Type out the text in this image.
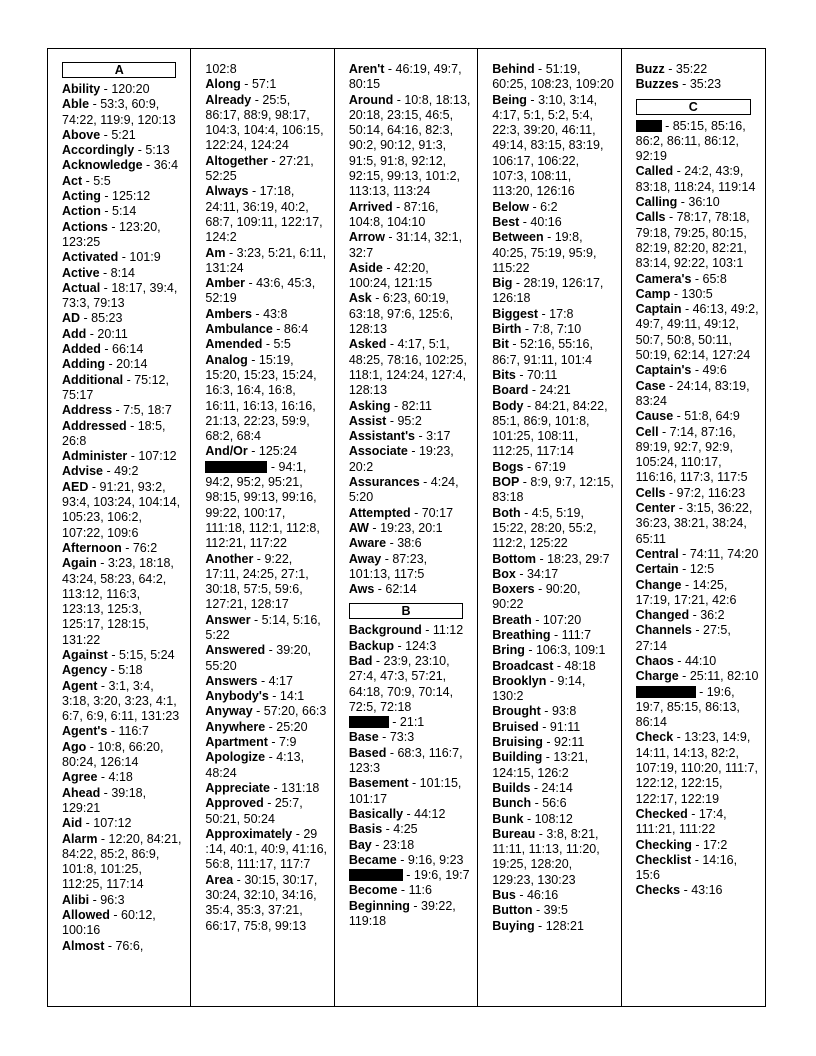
A
Ability - 120:20
Able - 53:3, 60:9, 74:22, 119:9, 120:13
Above - 5:21
Accordingly - 5:13
Acknowledge - 36:4
Act - 5:5
Acting - 125:12
Action - 5:14
Actions - 123:20, 123:25
Activated - 101:9
Active - 8:14
Actual - 18:17, 39:4, 73:3, 79:13
AD - 85:23
Add - 20:11
Added - 66:14
Adding - 20:14
Additional - 75:12, 75:17
Address - 7:5, 18:7
Addressed - 18:5, 26:8
Administer - 107:12
Advise - 49:2
AED - 91:21, 93:2, 93:4, 103:24, 104:14, 105:23, 106:2, 107:22, 109:6
Afternoon - 76:2
Again - 3:23, 18:18, 43:24, 58:23, 64:2, 113:12, 116:3, 123:13, 125:3, 125:17, 128:15, 131:22
Against - 5:15, 5:24
Agency - 5:18
Agent - 3:1, 3:4, 3:18, 3:20, 3:23, 4:1, 6:7, 6:9, 6:11, 131:23
Agent's - 116:7
Ago - 10:8, 66:20, 80:24, 126:14
Agree - 4:18
Ahead - 39:18, 129:21
Aid - 107:12
Alarm - 12:20, 84:21, 84:22, 85:2, 86:9, 101:8, 101:25, 112:25, 117:14
Alibi - 96:3
Allowed - 60:12, 100:16
Almost - 76:6,
102:8
Along - 57:1
Already - 25:5, 86:17, 88:9, 98:17, 104:3, 104:4, 106:15, 122:24, 124:24
Altogether - 27:21, 52:25
Always - 17:18, 24:11, 36:19, 40:2, 68:7, 109:11, 122:17, 124:2
Am - 3:23, 5:21, 6:11, 131:24
Amber - 43:6, 45:3, 52:19
Ambers - 43:8
Ambulance - 86:4
Amended - 5:5
Analog - 15:19, 15:20, 15:23, 15:24, 16:3, 16:4, 16:8, 16:11, 16:13, 16:16, 21:13, 22:23, 59:9, 68:2, 68:4
And/Or - 125:24
- 94:1, 94:2, 95:2, 95:21, 98:15, 99:13, 99:16, 99:22, 100:17, 111:18, 112:1, 112:8, 112:21, 117:22
Another - 9:22, 17:11, 24:25, 27:1, 30:18, 57:5, 59:6, 127:21, 128:17
Answer - 5:14, 5:16, 5:22
Answered - 39:20, 55:20
Answers - 4:17
Anybody's - 14:1
Anyway - 57:20, 66:3
Anywhere - 25:20
Apartment - 7:9
Apologize - 4:13, 48:24
Appreciate - 131:18
Approved - 25:7, 50:21, 50:24
Approximately - 29 :14, 40:1, 40:9, 41:16, 56:8, 111:17, 117:7
Area - 30:15, 30:17, 30:24, 32:10, 34:16, 35:4, 35:3, 37:21, 66:17, 75:8, 99:13
Aren't - 46:19, 49:7, 80:15
Around - 10:8, 18:13, 20:18, 23:15, 46:5, 50:14, 64:16, 82:3, 90:2, 90:12, 91:3, 91:5, 91:8, 92:12, 92:15, 99:13, 101:2, 113:13, 113:24
Arrived - 87:16, 104:8, 104:10
Arrow - 31:14, 32:1, 32:7
Aside - 42:20, 100:24, 121:15
Ask - 6:23, 60:19, 63:18, 97:6, 125:6, 128:13
Asked - 4:17, 5:1, 48:25, 78:16, 102:25, 118:1, 124:24, 127:4, 128:13
Asking - 82:11
Assist - 95:2
Assistant's - 3:17
Associate - 19:23, 20:2
Assurances - 4:24, 5:20
Attempted - 70:17
AW - 19:23, 20:1
Aware - 38:6
Away - 87:23, 101:13, 117:5
Aws - 62:14
B
Background - 11:12
Backup - 124:3
Bad - 23:9, 23:10, 27:4, 47:3, 57:21, 64:18, 70:9, 70:14, 72:5, 72:18
- 21:1
Base - 73:3
Based - 68:3, 116:7, 123:3
Basement - 101:15, 101:17
Basically - 44:12
Basis - 4:25
Bay - 23:18
Became - 9:16, 9:23
- 19:6, 19:7
Become - 11:6
Beginning - 39:22, 119:18
Behind - 51:19, 60:25, 108:23, 109:20
Being - 3:10, 3:14, 4:17, 5:1, 5:2, 5:4, 22:3, 39:20, 46:11, 49:14, 83:15, 83:19, 106:17, 106:22, 107:3, 108:11, 113:20, 126:16
Below - 6:2
Best - 40:16
Between - 19:8, 40:25, 75:19, 95:9, 115:22
Big - 28:19, 126:17, 126:18
Biggest - 17:8
Birth - 7:8, 7:10
Bit - 52:16, 55:16, 86:7, 91:11, 101:4
Bits - 70:11
Board - 24:21
Body - 84:21, 84:22, 85:1, 86:9, 101:8, 101:25, 108:11, 112:25, 117:14
Bogs - 67:19
BOP - 8:9, 9:7, 12:15, 83:18
Both - 4:5, 5:19, 15:22, 28:20, 55:2, 112:2, 125:22
Bottom - 18:23, 29:7
Box - 34:17
Boxers - 90:20, 90:22
Breath - 107:20
Breathing - 111:7
Bring - 106:3, 109:1
Broadcast - 48:18
Brooklyn - 9:14, 130:2
Brought - 93:8
Bruised - 91:11
Bruising - 92:11
Building - 13:21, 124:15, 126:2
Builds - 24:14
Bunch - 56:6
Bunk - 108:12
Bureau - 3:8, 8:21, 11:11, 11:13, 11:20, 19:25, 128:20, 129:23, 130:23
Bus - 46:16
Button - 39:5
Buying - 128:21
Buzz - 35:22
Buzzes - 35:23
C
- 85:15, 85:16, 86:2, 86:11, 86:12, 92:19
Called - 24:2, 43:9, 83:18, 118:24, 119:14
Calling - 36:10
Calls - 78:17, 78:18, 79:18, 79:25, 80:15, 82:19, 82:20, 82:21, 83:14, 92:22, 103:1
Camera's - 65:8
Camp - 130:5
Captain - 46:13, 49:2, 49:7, 49:11, 49:12, 50:7, 50:8, 50:11, 50:19, 62:14, 127:24
Captain's - 49:6
Case - 24:14, 83:19, 83:24
Cause - 51:8, 64:9
Cell - 7:14, 87:16, 89:19, 92:7, 92:9, 105:24, 110:17, 116:16, 117:3, 117:5
Cells - 97:2, 116:23
Center - 3:15, 36:22, 36:23, 38:21, 38:24, 65:11
Central - 74:11, 74:20
Certain - 12:5
Change - 14:25, 17:19, 17:21, 42:6
Changed - 36:2
Channels - 27:5, 27:14
Chaos - 44:10
Charge - 25:11, 82:10
- 19:6, 19:7, 85:15, 86:13, 86:14
Check - 13:23, 14:9, 14:11, 14:13, 82:2, 107:19, 110:20, 111:7, 122:12, 122:15, 122:17, 122:19
Checked - 17:4, 111:21, 111:22
Checking - 17:2
Checklist - 14:16, 15:6
Checks - 43:16
